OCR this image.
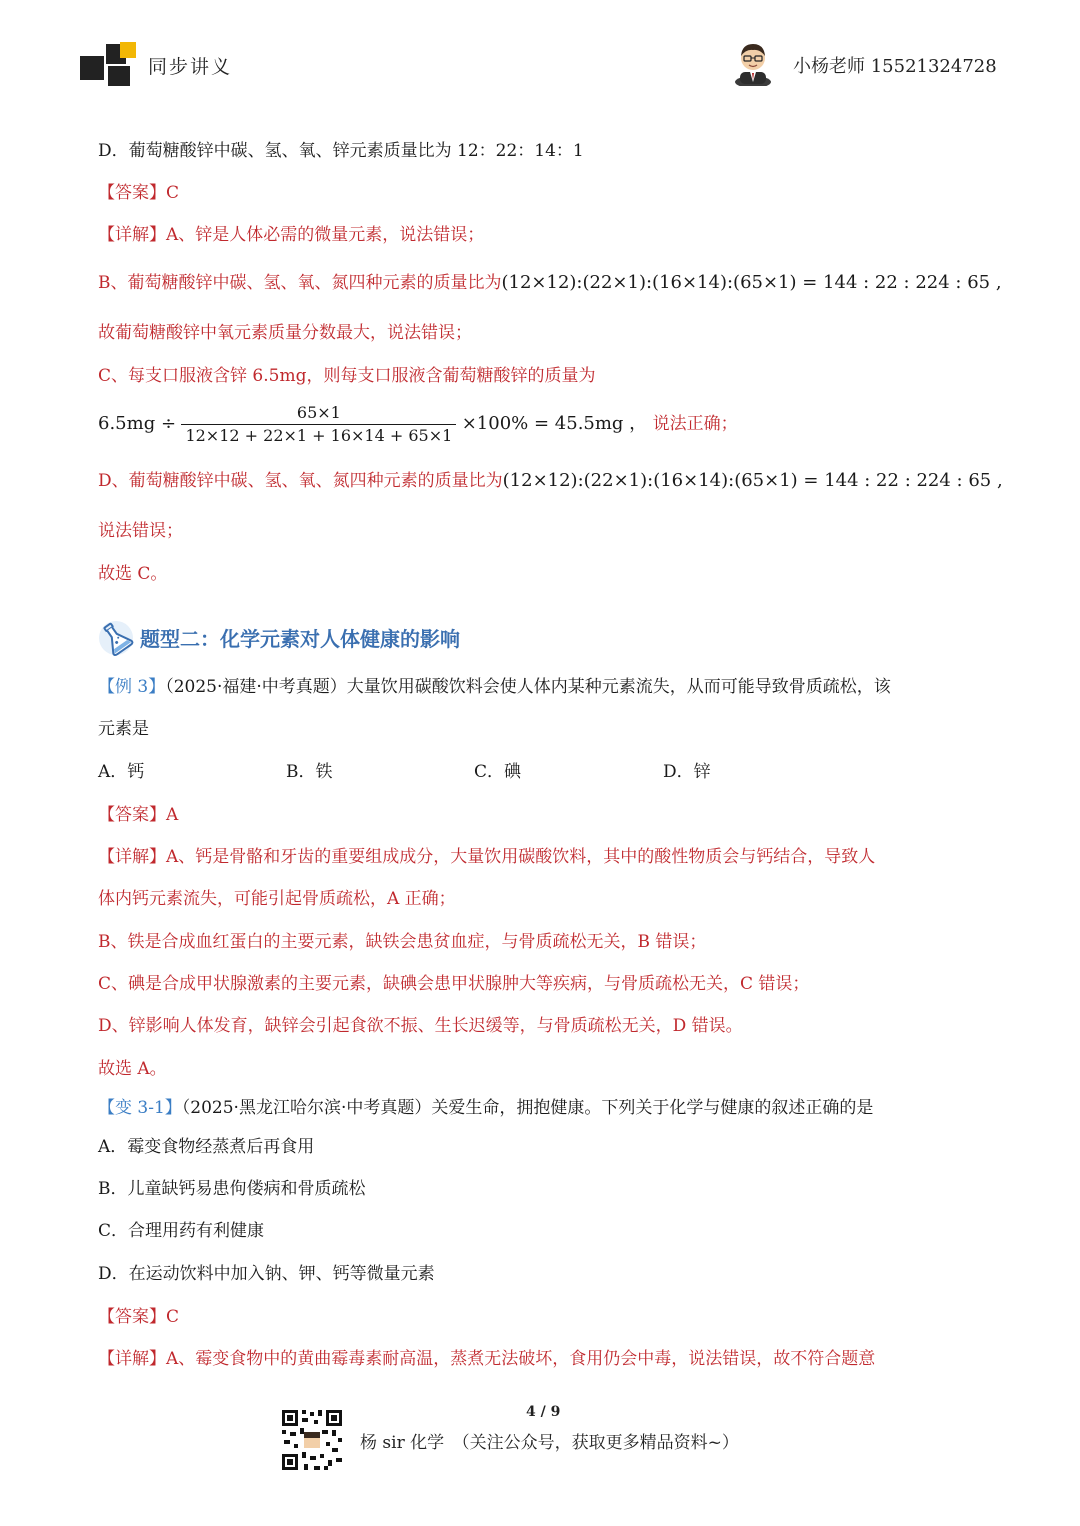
同步讲义	小杨老师 15521324728
D．葡萄糖酸锌中碳、氢、氧、锌元素质量比为 12：22：14：1
【答案】C
【详解】A、锌是人体必需的微量元素，说法错误；
B、葡萄糖酸锌中碳、氢、氧、氮四种元素的质量比为(12×12):(22×1):(16×14):(65×1) = 144 : 22 : 224 : 65 ,
故葡萄糖酸锌中氧元素质量分数最大，说法错误；
C、每支口服液含锌 6.5mg，则每支口服液含葡萄糖酸锌的质量为
$6.5mg \div \frac{65\times 1}{12\times 12 + 22\times 1 + 16\times 14 + 65\times 1} \times 100\% = 45.5mg$ ， 说法正确；
D、葡萄糖酸锌中碳、氢、氧、氮四种元素的质量比为(12×12):(22×1):(16×14):(65×1) = 144 : 22 : 224 : 65 ,
说法错误；
故选 C。
题型二：化学元素对人体健康的影响
【例 3】（2025·福建·中考真题）大量饮用碳酸饮料会使人体内某种元素流失，从而可能导致骨质疏松，该
元素是
A．钙	B．铁	C．碘	D．锌
【答案】A
【详解】A、钙是骨骼和牙齿的重要组成成分，大量饮用碳酸饮料，其中的酸性物质会与钙结合，导致人
体内钙元素流失，可能引起骨质疏松，A 正确；
B、铁是合成血红蛋白的主要元素，缺铁会患贫血症，与骨质疏松无关，B 错误；
C、碘是合成甲状腺激素的主要元素，缺碘会患甲状腺肿大等疾病，与骨质疏松无关，C 错误；
D、锌影响人体发育，缺锌会引起食欲不振、生长迟缓等，与骨质疏松无关，D 错误。
故选 A。
【变 3-1】（2025·黑龙江哈尔滨·中考真题）关爱生命，拥抱健康。下列关于化学与健康的叙述正确的是
A．霉变食物经蒸煮后再食用
B．儿童缺钙易患佝偻病和骨质疏松
C．合理用药有利健康
D．在运动饮料中加入钠、钾、钙等微量元素
【答案】C
【详解】A、霉变食物中的黄曲霉毒素耐高温，蒸煮无法破坏，食用仍会中毒，说法错误，故不符合题意
4 / 9
杨 sir 化学　（关注公众号，获取更多精品资料~）
